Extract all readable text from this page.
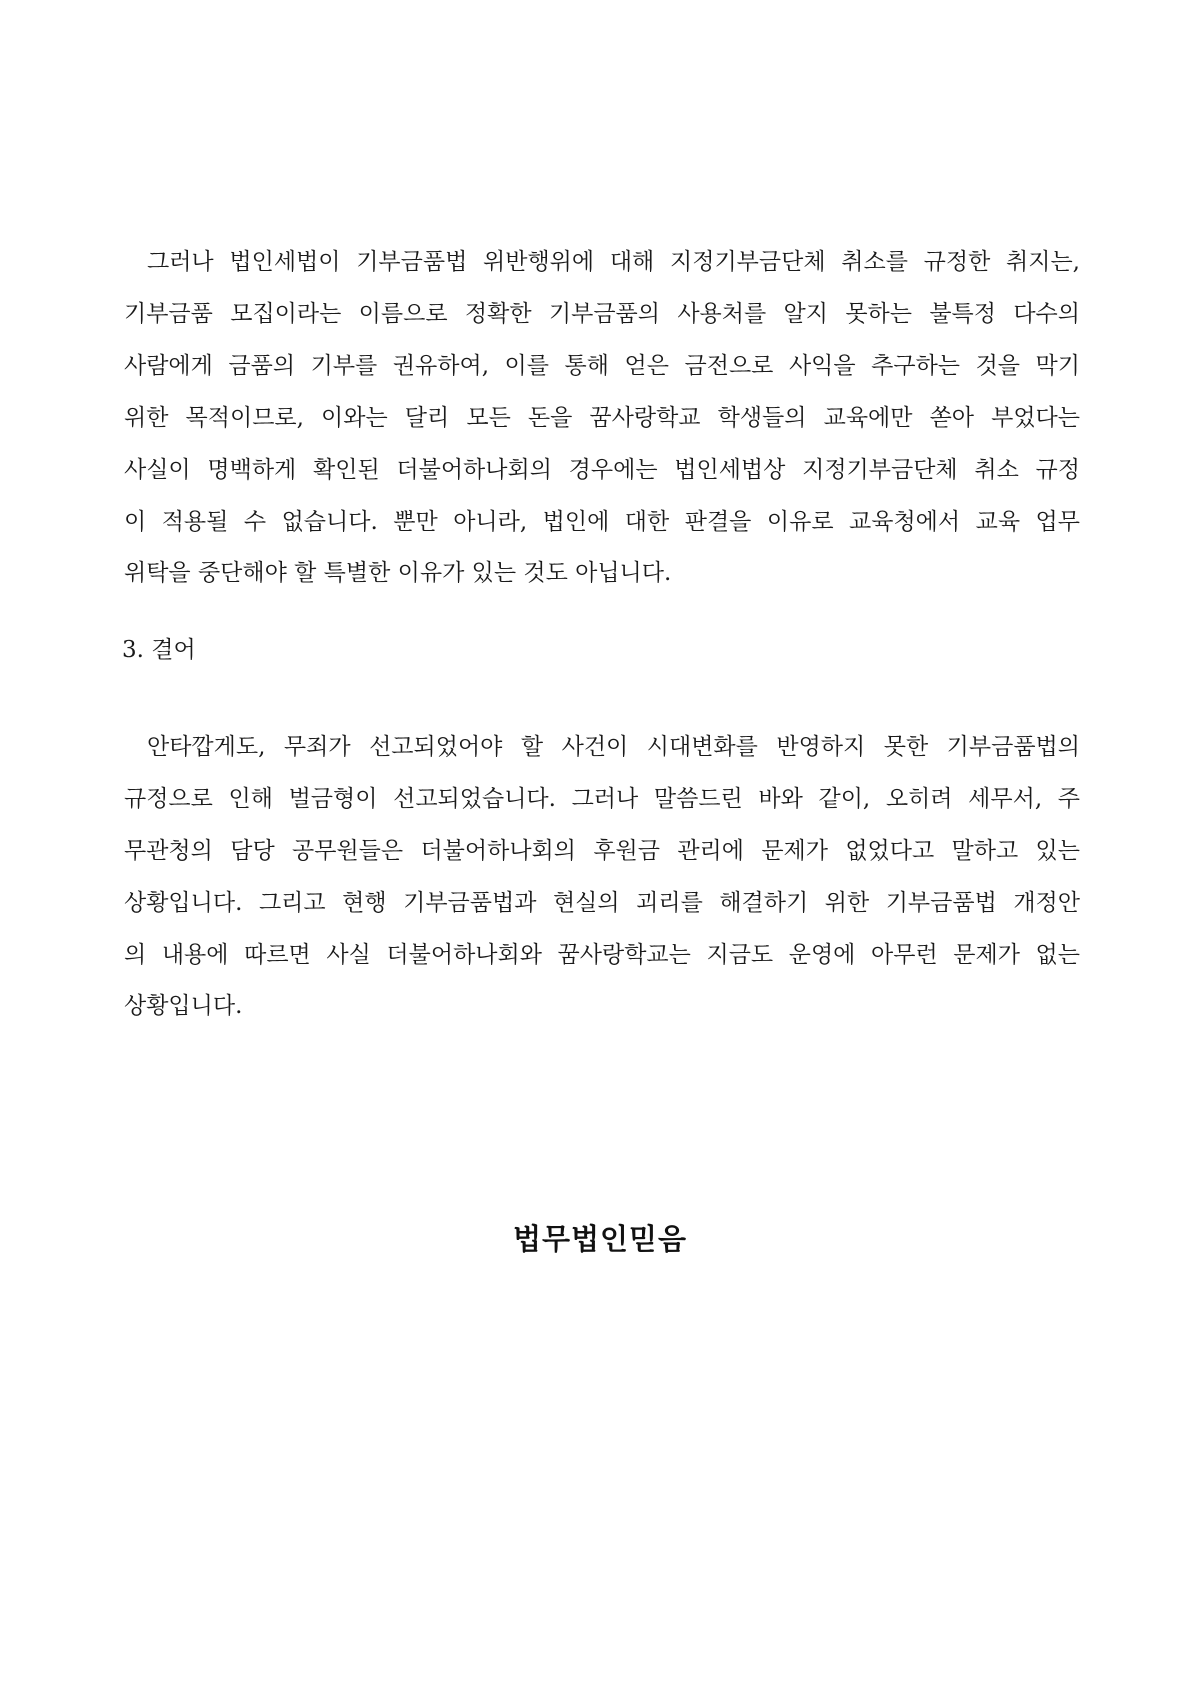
그러나 법인세법이 기부금품법 위반행위에 대해 지정기부금단체 취소를 규정한 취지는,
기부금품 모집이라는 이름으로 정확한 기부금품의 사용처를 알지 못하는 불특정 다수의
사람에게 금품의 기부를 권유하여, 이를 통해 얻은 금전으로 사익을 추구하는 것을 막기
위한 목적이므로, 이와는 달리 모든 돈을 꿈사랑학교 학생들의 교육에만 쏟아 부었다는
사실이 명백하게 확인된 더불어하나회의 경우에는 법인세법상 지정기부금단체 취소 규정
이 적용될 수 없습니다. 뿐만 아니라, 법인에 대한 판결을 이유로 교육청에서 교육 업무
위탁을 중단해야 할 특별한 이유가 있는 것도 아닙니다.
3. 결어
안타깝게도, 무죄가 선고되었어야 할 사건이 시대변화를 반영하지 못한 기부금품법의
규정으로 인해 벌금형이 선고되었습니다. 그러나 말씀드린 바와 같이, 오히려 세무서, 주
무관청의 담당 공무원들은 더불어하나회의 후원금 관리에 문제가 없었다고 말하고 있는
상황입니다. 그리고 현행 기부금품법과 현실의 괴리를 해결하기 위한 기부금품법 개정안
의 내용에 따르면 사실 더불어하나회와 꿈사랑학교는 지금도 운영에 아무런 문제가 없는
상황입니다.
법무법인믿음
